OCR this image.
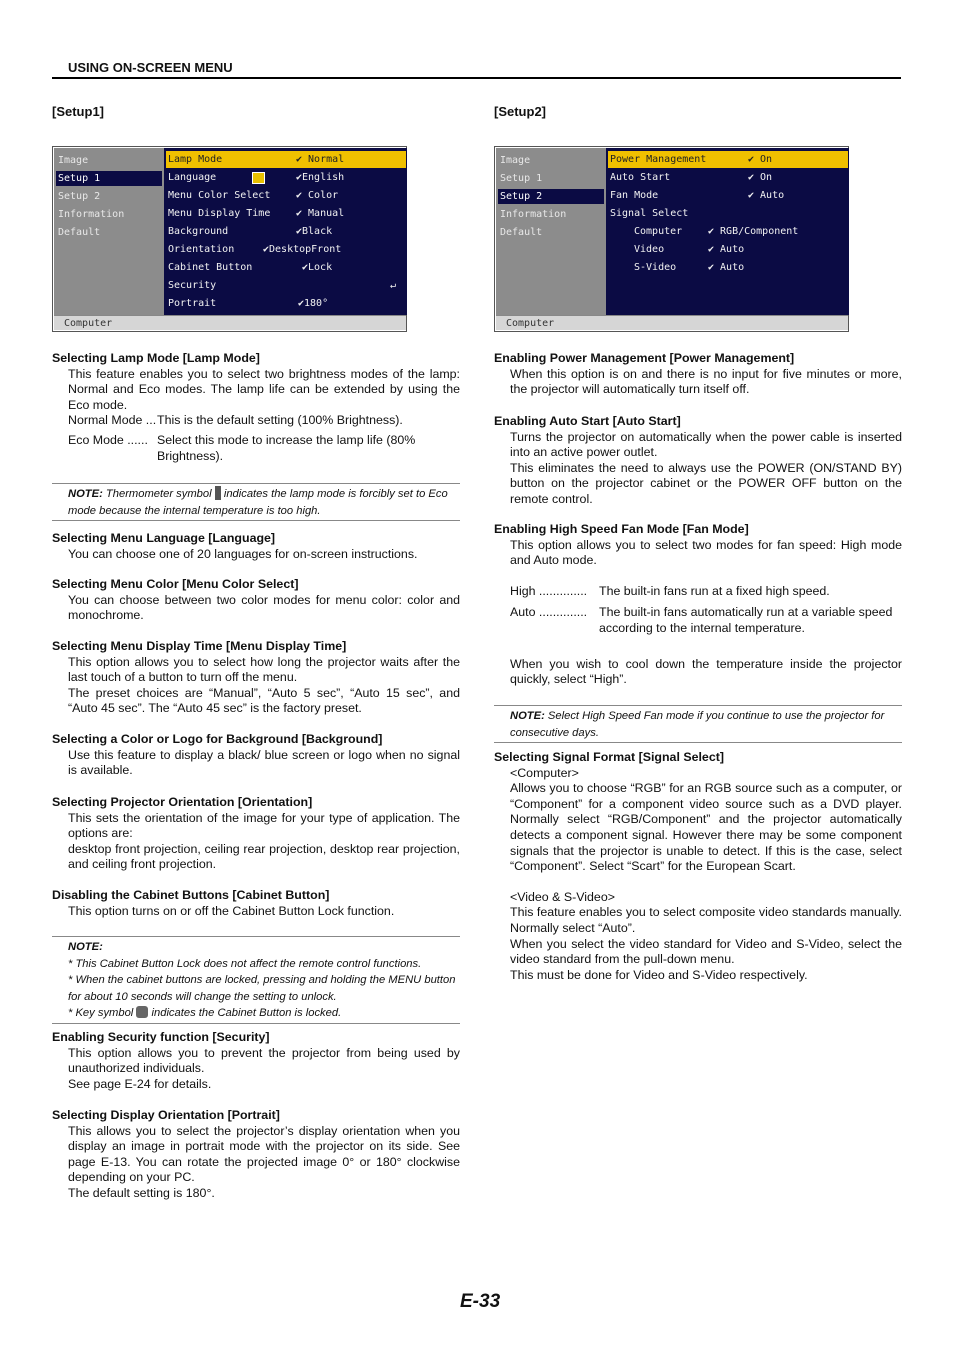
USING ON-SCREEN MENU
[Setup1]
Image
Setup 1
Setup 2
Information
Default
Lamp Mode	✔ Normal
Language	✔English
Menu Color Select	✔ Color
Menu Display Time	✔ Manual
Background	✔Black
Orientation	✔DesktopFront
Cabinet Button	✔Lock
Security	↵
Portrait	✔180°
Computer
[Setup2]
Image
Setup 1
Setup 2
Information
Default
Power Management	✔ On
Auto Start	✔ On
Fan Mode	✔ Auto
Signal Select
Computer	✔ RGB/Component
Video	✔ Auto
S-Video	✔ Auto
Computer
Selecting Lamp Mode [Lamp Mode]

This feature enables you to select two brightness modes of the lamp: Normal and Eco modes. The lamp life can be extended by using the Eco mode.

Normal Mode ... This is the default setting (100% Brightness).
Eco Mode ...... Select this mode to increase the lamp life (80% Brightness).
NOTE: Thermometer symbol indicates the lamp mode is forcibly set to Eco mode because the internal temperature is too high.
Selecting Menu Language [Language]

You can choose one of 20 languages for on-screen instructions.

Selecting Menu Color [Menu Color Select]

You can choose between two color modes for menu color: color and monochrome.

Selecting Menu Display Time [Menu Display Time]

This option allows you to select how long the projector waits after the last touch of a button to turn off the menu.

The preset choices are “Manual”, “Auto 5 sec”, “Auto 15 sec”, and “Auto 45 sec”. The “Auto 45 sec” is the factory preset.

Selecting a Color or Logo for Background [Background]

Use this feature to display a black/ blue screen or logo when no signal is available.

Selecting Projector Orientation [Orientation]

This sets the orientation of the image for your type of application. The options are:

desktop front projection, ceiling rear projection, desktop rear projection, and ceiling front projection.

Disabling the Cabinet Buttons [Cabinet Button]

This option turns on or off the Cabinet Button Lock function.

NOTE:
* This Cabinet Button Lock does not affect the remote control functions.
* When the cabinet buttons are locked, pressing and holding the MENU button for about 10 seconds will change the setting to unlock.
* Key symbol indicates the Cabinet Button is locked.
Enabling Security function [Security]

This option allows you to prevent the projector from being used by unauthorized individuals.

See page E-24 for details.

Selecting Display Orientation [Portrait]

This allows you to select the projector’s display orientation when you display an image in portrait mode with the projector on its side. See page E-13. You can rotate the projected image 0° or 180° clockwise depending on your PC.

The default setting is 180°.

Enabling Power Management [Power Management]

When this option is on and there is no input for five minutes or more, the projector will automatically turn itself off.

Enabling Auto Start [Auto Start]

Turns the projector on automatically when the power cable is inserted into an active power outlet.

This eliminates the need to always use the POWER (ON/STAND BY) button on the projector cabinet or the POWER OFF button on the remote control.

Enabling High Speed Fan Mode [Fan Mode]

This option allows you to select two modes for fan speed: High mode and Auto mode.

High .............. The built-in fans run at a fixed high speed.
Auto .............. The built-in fans automatically run at a variable speed according to the internal temperature.

When you wish to cool down the temperature inside the projector quickly, select “High”.

NOTE: Select High Speed Fan mode if you continue to use the projector for consecutive days.
Selecting Signal Format [Signal Select]

<Computer>

Allows you to choose “RGB” for an RGB source such as a computer, or “Component” for a component video source such as a DVD player. Normally select “RGB/Component” and the projector automatically detects a component signal. However there may be some component signals that the projector is unable to detect. If this is the case, select “Component”. Select “Scart” for the European Scart.

<Video & S-Video>

This feature enables you to select composite video standards manually. Normally select “Auto”.

When you select the video standard for Video and S-Video, select the video standard from the pull-down menu.

This must be done for Video and S-Video respectively.

E-33
